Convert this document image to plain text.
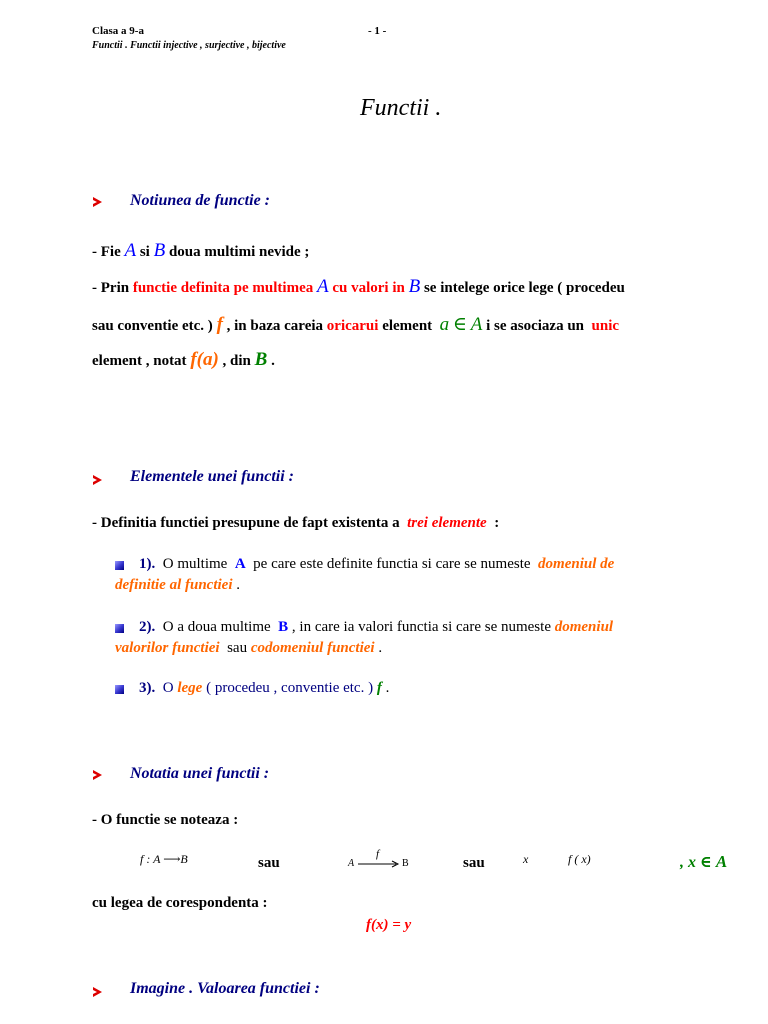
Clasa a 9-a	- 1 -
Functii . Functii injective , surjective , bijective
Functii .
Notiunea de functie :
- Fie A si B doua multimi nevide ;
- Prin functie definita pe multimea A cu valori in B se intelege orice lege ( procedeu
sau conventie etc. ) f , in baza careia oricarui element a ∈ A i se asociaza un unic
element , notat f(a) , din B .
Elementele unei functii :
- Definitia functiei presupune de fapt existenta a trei elemente :
1). O multime A pe care este definite functia si care se numeste domeniul de
definitie al functiei .
2). O a doua multime B , in care ia valori functia si care se numeste domeniul
valorilor functiei sau codomeniul functiei .
3). O lege ( procedeu , conventie etc. ) f .
Notatia unei functii :
- O functie se noteaza :
f : A ⟶B	sau	A
f
B	sau	x	f ( x)	, x ∈ A
cu legea de corespondenta :
f(x) = y
Imagine . Valoarea functiei :
